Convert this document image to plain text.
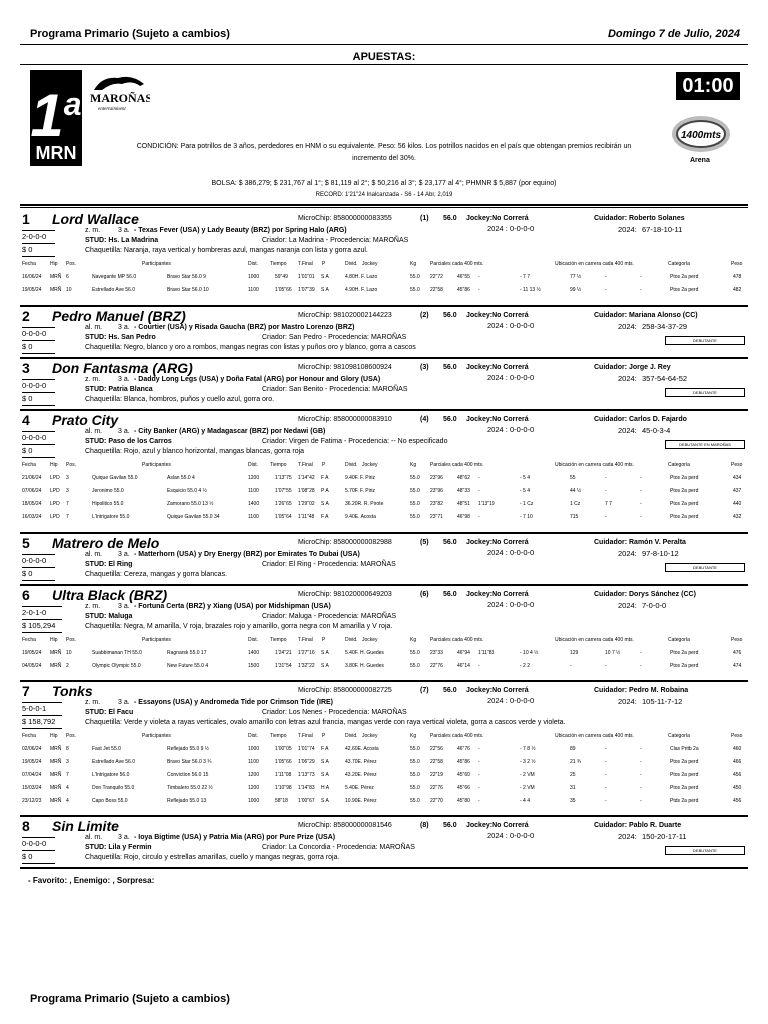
Programa Primario (Sujeto a cambios)	Domingo 7 de Julio, 2024
APUESTAS:
1$^a$
MRN
MAROÑAS
entertainment
01:00
1400mts
Arena
CONDICIÓN: Para potrillos de 3 años, perdedores en HNM o su equivalente. Peso: 56 kilos. Los potrillos nacidos en el país que obtengan premios recibirán un incremento del 30%.
BOLSA: $ 386,279; $ 231,767 al 1°; $ 81,119 al 2°; $ 50,216 al 3°; $ 23,177 al 4°; PHMNR $ 5,887 (por equino)
RECORD: 1'21"24 Inalcanzada - S6 - 14 Abr, 2,019
1 Lord Wallace	MicroChip: 858000000083355	(1) 56.0 Jockey:No Correrá
2024 : 0-0-0-0
Cuidador: Roberto Solanes
2024: 67-18-10-11
2-0-0-0
$ 0
z. m.	3 a. - Texas Fever (USA) y Lady Beauty (BRZ) por Spring Halo (ARG)
STUD: Hs. La Madrina	Criador: La Madrina - Procedencia: MAROÑAS
Chaquetilla: Naranja, raya vertical y hombreras azul, mangas naranja con lista y gorra azul.
Fecha	Hip Pos.	Participantes	Dist. Tiempo T.Final P	Divid. Jockey	Kg	Parciales cada 400 mts.	Ubicación en carrera cada 400 mts.	Categoría	Peso
16/06/24 MRÑ 6	Navegante MP 56.0	Bravo Star 56.0 9	1000	59"49 1'01"01 S A	4.80H. F. Lazo	55.0 22"72	46"55 -	- 7 7	77 ½	-	-	Ptos 2a perd	478
19/05/24 MRÑ 10	Estrellado Ave 56.0	Bravo Star 56.0 10	1100	1'05"66 1'07"39 S A	4.90H. F. Lazo	55.0 22"58	45"86 -	- 11 13 ½	99 ½	-	-	Ptos 2a perd	482
2 Pedro Manuel (BRZ)	MicroChip: 981020002144223	(2) 56.0 Jockey:No Correrá
2024 : 0-0-0-0
Cuidador: Mariana Alonso (CC)
2024: 258-34-37-29
0-0-0-0
$ 0
al. m. 3 a. - Courtier (USA) y Risada Gaucha (BRZ) por Mastro Lorenzo (BRZ)
STUD: Hs. San Pedro	Criador: San Pedro - Procedencia: MAROÑAS
Chaquetilla: Negro, blanco y oro a rombos, mangas negras con listas y puños oro y blanco, gorra a cascos
DEBUTANTE
3 Don Fantasma (ARG)	MicroChip: 981098108600924	(3) 56.0 Jockey:No Correrá
2024 : 0-0-0-0
Cuidador: Jorge J. Rey
2024: 357-54-64-52
0-0-0-0
$ 0
z. m.	3 a. - Daddy Long Legs (USA) y Doña Fatal (ARG) por Honour and Glory (USA)
STUD: Patria Blanca	Criador: San Benito - Procedencia: MAROÑAS
Chaquetilla: Blanca, hombros, puños y cuello azul, gorra oro.
DEBUTANTE
4 Prato City	MicroChip: 858000000083910	(4) 56.0 Jockey:No Correrá
2024 : 0-0-0-0
Cuidador: Carlos D. Fajardo
2024: 45-0-3-4
0-0-0-0
$ 0
al. m. 3 a. - City Banker (ARG) y Madagascar (BRZ) por Nedawi (GB)
STUD: Paso de los Carros	Criador: Virgen de Fatima - Procedencia: -- No especificado
Chaquetilla: Rojo, azul y blanco horizontal, mangas blancas, gorra roja
DEBUTANTE EN MAROÑAS
Fecha	Hip Pos.	Participantes	Dist. Tiempo T.Final P	Divid. Jockey	Kg	Parciales cada 400 mts.	Ubicación en carrera cada 400 mts.	Categoría	Peso
21/06/24 LPD 3	Quique Gavilan 55.0	Aslan 55.0 4	1200	1'13"75 1'14"42 F A	9.40F. F. Piriz	55.0 23"96	48"62 -	- 5 4	55	-	-	Ptos 2a perd	434
07/06/24 LPD 3	Jeronimo 55.0	Esquicio 55.0 4 ½	1100	1'07"55 1'08"28 P A	5.70F. F. Piriz	55.0 23"96	48"33 -	- 5 4	44 ½	-	-	Ptos 2a perd	437
18/05/24 LPD 7	Hipolitico 55.0	Zamorano 55.0 13 ½	1400	1'26"65 1'29"02 S A	36.20R. R. Pirote	55.0 23"82	48"51 1'13"19	- 1 Cz	1 Cz	7 7	-	Ptos 2a perd	440
16/03/24 LPD 7	L'Intrigatore 55.0	Quique Gavilan 55.0 34	1100	1'05"64 1'11"48 F A	9.40E. Acosta	55.0 23"71	46"98 -	- 7 10	715	-	-	Ptos 2a perd	432
5 Matrero de Melo	MicroChip: 858000000082988	(5) 56.0 Jockey:No Correrá
2024 : 0-0-0-0
Cuidador: Ramón V. Peralta
2024: 97-8-10-12
0-0-0-0
$ 0
al. m. 3 a. - Matterhorn (USA) y Dry Energy (BRZ) por Emirates To Dubai (USA)
STUD: El Ring	Criador: El Ring - Procedencia: MAROÑAS
Chaquetilla: Cereza, mangas y gorra blancas.
DEBUTANTE
6 Ultra Black (BRZ)	MicroChip: 981020000649203	(6) 56.0 Jockey:No Correrá
2024 : 0-0-0-0
Cuidador: Dorys Sánchez (CC)
2024: 7-0-0-0
2-0-1-0
$ 105,294
z. m.	3 a. - Fortuna Certa (BRZ) y Xiang (USA) por Midshipman (USA)
STUD: Maluga	Criador: Maluga - Procedencia: MAROÑAS
Chaquetilla: Negra, M amarilla, V roja, brazales rojo y amarillo, gorra negra con M amarilla y V roja.
Fecha	Hip Pos.	Participantes	Dist. Tiempo T.Final P	Divid. Jockey	Kg	Parciales cada 400 mts.	Ubicación en carrera cada 400 mts.	Categoría	Peso
19/05/24 MRÑ 10	Suabbimanan TH 55.0	Ragnarsk 55.0 17	1400	1'24"21 1'27"16 S A	5.40F. H. Guedes	55.0 23"33	46"94 1'11"83	- 10 4 ½	129	10 7 ½	-	Ptos 2a perd	476
04/05/24 MRÑ 2	Olympic Olympic 55.0	New Future 55.0 4	1500	1'31"54 1'32"22 S A	3.80F. H. Guedes	55.0 22"76	46"14 -	- 2 2	-	-	-	Ptos 2a perd	474
7 Tonks	MicroChip: 858000000082725	(7) 56.0 Jockey:No Correrá
2024 : 0-0-0-0
Cuidador: Pedro M. Robaina
2024: 105-11-7-12
5-0-0-1
$ 158,792
z. m.	3 a. - Essayons (USA) y Andromeda Tide por Crimson Tide (IRE)
STUD: El Facu	Criador: Los Nenes - Procedencia: MAROÑAS
Chaquetilla: Verde y violeta a rayas verticales, ovalo amarillo con letras azul francia, mangas verde con raya vertical violeta, gorra a cascos verde y violeta.
Fecha	Hip Pos.	Participantes	Dist. Tiempo T.Final P	Divid. Jockey	Kg	Parciales cada 400 mts.	Ubicación en carrera cada 400 mts.	Categoría	Peso
02/06/24 MRÑ 8	Fast Jet 55.0	Reflejado 55.0 9 ½	1000	1'00"05 1'01"74 F A	42.60E. Acosta	55.0 22"56	46"76 -	- 7 8 ½	89	-	-	Clas Pritb 2a	460
19/05/24 MRÑ 3	Estrellado Ave 56.0	Bravo Star 56.0 3 ¾	1100	1'05"66 1'06"29 S A	43.70E. Pérez	55.0 22"58	45"86 -	- 3 2 ½	21 ¾	-	-	Ptos 2a perd	466
07/04/24 MRÑ 7	L'Intrigatore 56.0	Conviction 56.0 15	1200	1'11"08 1'13"73 S A	43.20E. Pérez	55.0 22"19	45"60 -	- 2 VM	25	-	-	Ptos 2a perd	456
15/03/24 MRÑ 4	Don Tranquilo 55.0	Timbalero 55.0 22 ½	1200	1'10"98 1'14"83 H A	5.40E. Pérez	55.0 22"76	45"66 -	- 2 VM	31	-	-	Ptos 2a perd	450
23/12/23 MRÑ 4	Capo Boss 55.0	Reflejado 55.0 13	1000	58"18 1'00"67 S A	10.90E. Pérez	55.0 22"70	45"80 -	- 4 4	35	-	-	Ptds 2a perd	456
8 Sin Limite	MicroChip: 858000000081546	(8) 56.0 Jockey:No Correrá
2024 : 0-0-0-0
Cuidador: Pablo R. Duarte
2024: 150-20-17-11
0-0-0-0
$ 0
al. m. 3 a. - Ioya Bigtime (USA) y Patria Mia (ARG) por Pure Prize (USA)
STUD: Lila y Fermin	Criador: La Concordia - Procedencia: MAROÑAS
Chaquetilla: Rojo, circulo y estrellas amarillas, cuello y mangas negras, gorra roja.
DEBUTANTE
- Favorito: , Enemigo: , Sorpresa:
Programa Primario (Sujeto a cambios)
